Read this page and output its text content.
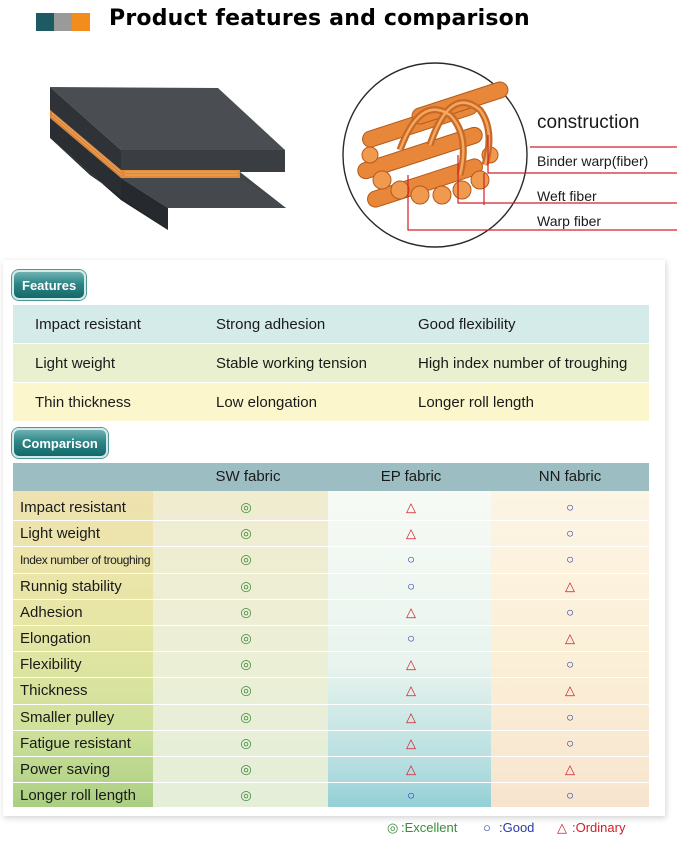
Product features and comparison
construction
Binder warp(fiber)
Weft fiber
Warp fiber
Features
Impact resistant	Strong adhesion	Good flexibility
Light weight	Stable working tension	High index number of troughing
Thin thickness	Low elongation	Longer roll length
Comparison
SW fabric	EP fabric	NN fabric
Impact resistant	◎	△	○
Light weight	◎	△	○
Index number of troughing	◎	○	○
Runnig stability	◎	○	△
Adhesion	◎	△	○
Elongation	◎	○	△
Flexibility	◎	△	○
Thickness	◎	△	△
Smaller pulley	◎	△	○
Fatigue resistant	◎	△	○
Power saving	◎	△	△
Longer roll length	◎	○	○
◎ :Excellent ○ :Good △ :Ordinary
